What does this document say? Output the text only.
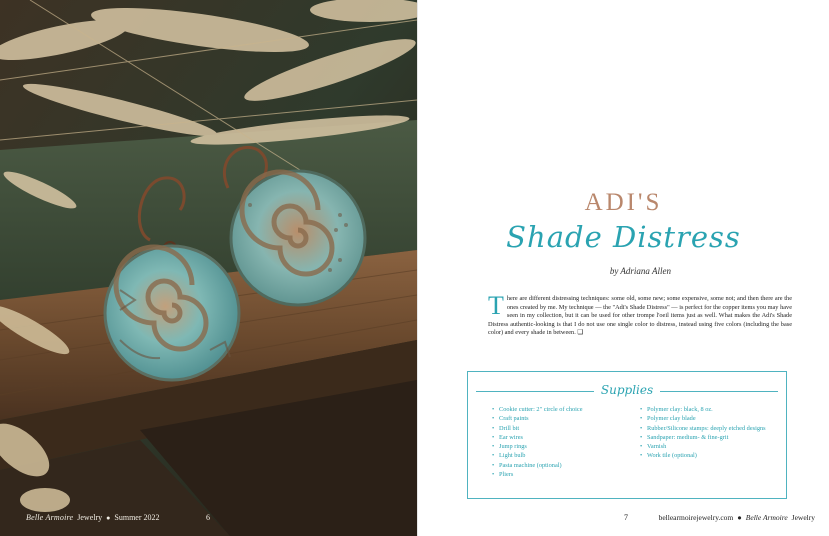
Belle Armoire Jewelry ● Summer 2022	6
ADI'S
Shade Distress
by Adriana Allen
T here are different distressing techniques: some old, some new; some expensive, some not; and then there are the ones created by me. My technique — the "Adi's Shade Distress" — is perfect for the copper items you may have seen in my collection, but it can be used for other trompe l'oeil items just as well. What makes the Adi's Shade Distress authentic-looking is that I do not use one single color to distress, instead using five colors (including the base color) and every shade in between. ❑
Supplies
• Cookie cutter: 2" circle of choice
• Craft paints
• Drill bit
• Ear wires
• Jump rings
• Light bulb
• Pasta machine (optional)
• Pliers
• Polymer clay: black, 8 oz.
• Polymer clay blade
• Rubber/Silicone stamps: deeply etched designs
• Sandpaper: medium- & fine-grit
• Varnish
• Work tile (optional)
7	bellearmoirejewelry.com ● Belle Armoire Jewelry
